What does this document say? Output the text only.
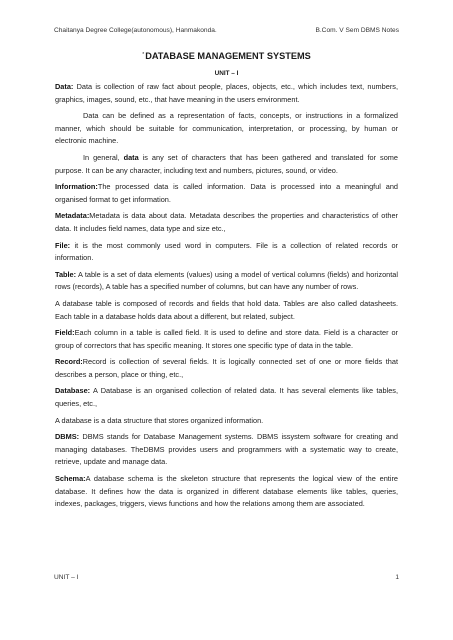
Chaitanya Degree College(autonomous), Hanmakonda.	B.Com. V Sem DBMS Notes
*DATABASE MANAGEMENT SYSTEMS
UNIT – I

Data: Data is collection of raw fact about people, places, objects, etc., which includes text, numbers, graphics, images, sound, etc., that have meaning in the users environment.

Data can be defined as a representation of facts, concepts, or instructions in a formalized manner, which should be suitable for communication, interpretation, or processing, by human or electronic machine.

In general, data is any set of characters that has been gathered and translated for some purpose. It can be any character, including text and numbers, pictures, sound, or video.

Information:The processed data is called information. Data is processed into a meaningful and organised format to get information.

Metadata:Metadata is data about data. Metadata describes the properties and characteristics of other data. It includes field names, data type and size etc.,

File: it is the most commonly used word in computers. File is a collection of related records or information.

Table: A table is a set of data elements (values) using a model of vertical columns (fields) and horizontal rows (records), A table has a specified number of columns, but can have any number of rows.

A database table is composed of records and fields that hold data. Tables are also called datasheets. Each table in a database holds data about a different, but related, subject.

Field:Each column in a table is called field. It is used to define and store data. Field is a character or group of correctors that has specific meaning. It stores one specific type of data in the table.

Record:Record is collection of several fields. It is logically connected set of one or more fields that describes a person, place or thing, etc.,

Database: A Database is an organised collection of related data. It has several elements like tables, queries, etc.,

A database is a data structure that stores organized information.

DBMS: DBMS stands for Database Management systems. DBMS issystem software for creating and managing databases. TheDBMS provides users and programmers with a systematic way to create, retrieve, update and manage data.

Schema:A database schema is the skeleton structure that represents the logical view of the entire database. It defines how the data is organized in different database elements like tables, queries, indexes, packages, triggers, views functions and how the relations among them are associated.

UNIT – I	1
